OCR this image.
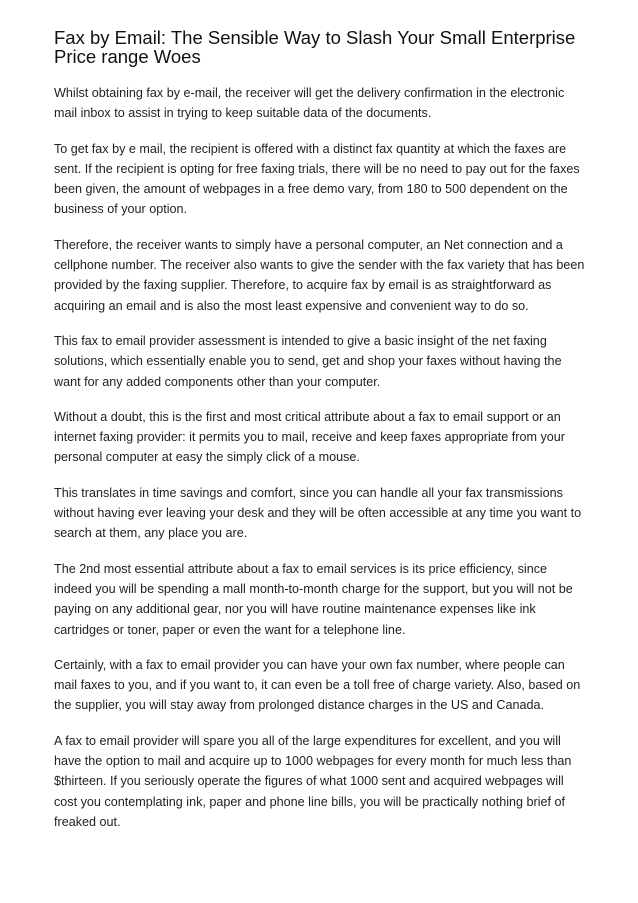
Fax by Email: The Sensible Way to Slash Your Small Enterprise Price range Woes

Whilst obtaining fax by e-mail, the receiver will get the delivery confirmation in the electronic mail inbox to assist in trying to keep suitable data of the documents.

To get fax by e mail, the recipient is offered with a distinct fax quantity at which the faxes are sent. If the recipient is opting for free faxing trials, there will be no need to pay out for the faxes been given, the amount of webpages in a free demo vary, from 180 to 500 dependent on the business of your option.

Therefore, the receiver wants to simply have a personal computer, an Net connection and a cellphone number. The receiver also wants to give the sender with the fax variety that has been provided by the faxing supplier. Therefore, to acquire fax by email is as straightforward as acquiring an email and is also the most least expensive and convenient way to do so.

This fax to email provider assessment is intended to give a basic insight of the net faxing solutions, which essentially enable you to send, get and shop your faxes without having the want for any added components other than your computer.

Without a doubt, this is the first and most critical attribute about a fax to email support or an internet faxing provider: it permits you to mail, receive and keep faxes appropriate from your personal computer at easy the simply click of a mouse.

This translates in time savings and comfort, since you can handle all your fax transmissions without having ever leaving your desk and they will be often accessible at any time you want to search at them, any place you are.

The 2nd most essential attribute about a fax to email services is its price efficiency, since indeed you will be spending a mall month-to-month charge for the support, but you will not be paying on any additional gear, nor you will have routine maintenance expenses like ink cartridges or toner, paper or even the want for a telephone line.

Certainly, with a fax to email provider you can have your own fax number, where people can mail faxes to you, and if you want to, it can even be a toll free of charge variety. Also, based on the supplier, you will stay away from prolonged distance charges in the US and Canada.

A fax to email provider will spare you all of the large expenditures for excellent, and you will have the option to mail and acquire up to 1000 webpages for every month for much less than $thirteen. If you seriously operate the figures of what 1000 sent and acquired webpages will cost you contemplating ink, paper and phone line bills, you will be practically nothing brief of freaked out.
